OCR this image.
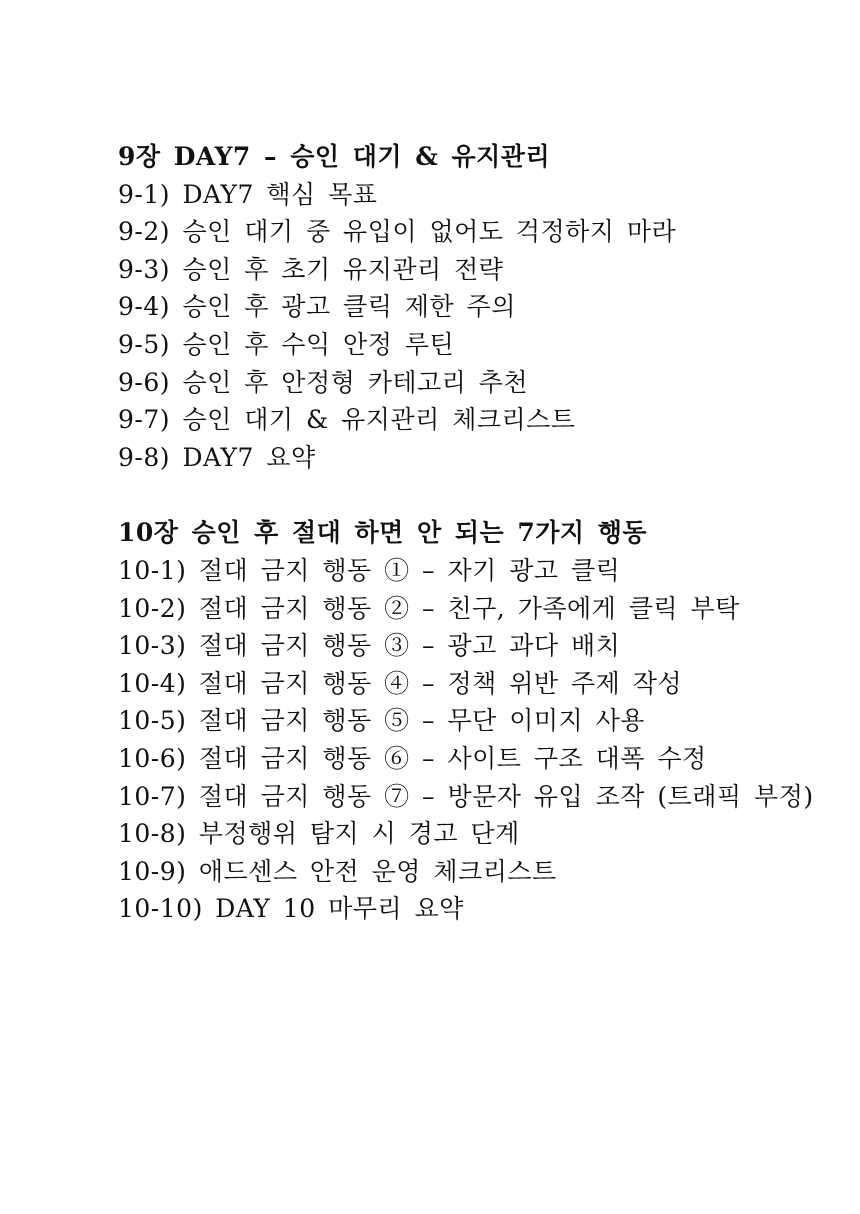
9장 DAY7 – 승인 대기 & 유지관리
9-1) DAY7 핵심 목표
9-2) 승인 대기 중 유입이 없어도 걱정하지 마라
9-3) 승인 후 초기 유지관리 전략
9-4) 승인 후 광고 클릭 제한 주의
9-5) 승인 후 수익 안정 루틴
9-6) 승인 후 안정형 카테고리 추천
9-7) 승인 대기 & 유지관리 체크리스트
9-8) DAY7 요약
10장 승인 후 절대 하면 안 되는 7가지 행동
10-1) 절대 금지 행동 ① – 자기 광고 클릭
10-2) 절대 금지 행동 ② – 친구, 가족에게 클릭 부탁
10-3) 절대 금지 행동 ③ – 광고 과다 배치
10-4) 절대 금지 행동 ④ – 정책 위반 주제 작성
10-5) 절대 금지 행동 ⑤ – 무단 이미지 사용
10-6) 절대 금지 행동 ⑥ – 사이트 구조 대폭 수정
10-7) 절대 금지 행동 ⑦ – 방문자 유입 조작 (트래픽 부정)
10-8) 부정행위 탐지 시 경고 단계
10-9) 애드센스 안전 운영 체크리스트
10-10) DAY 10 마무리 요약
